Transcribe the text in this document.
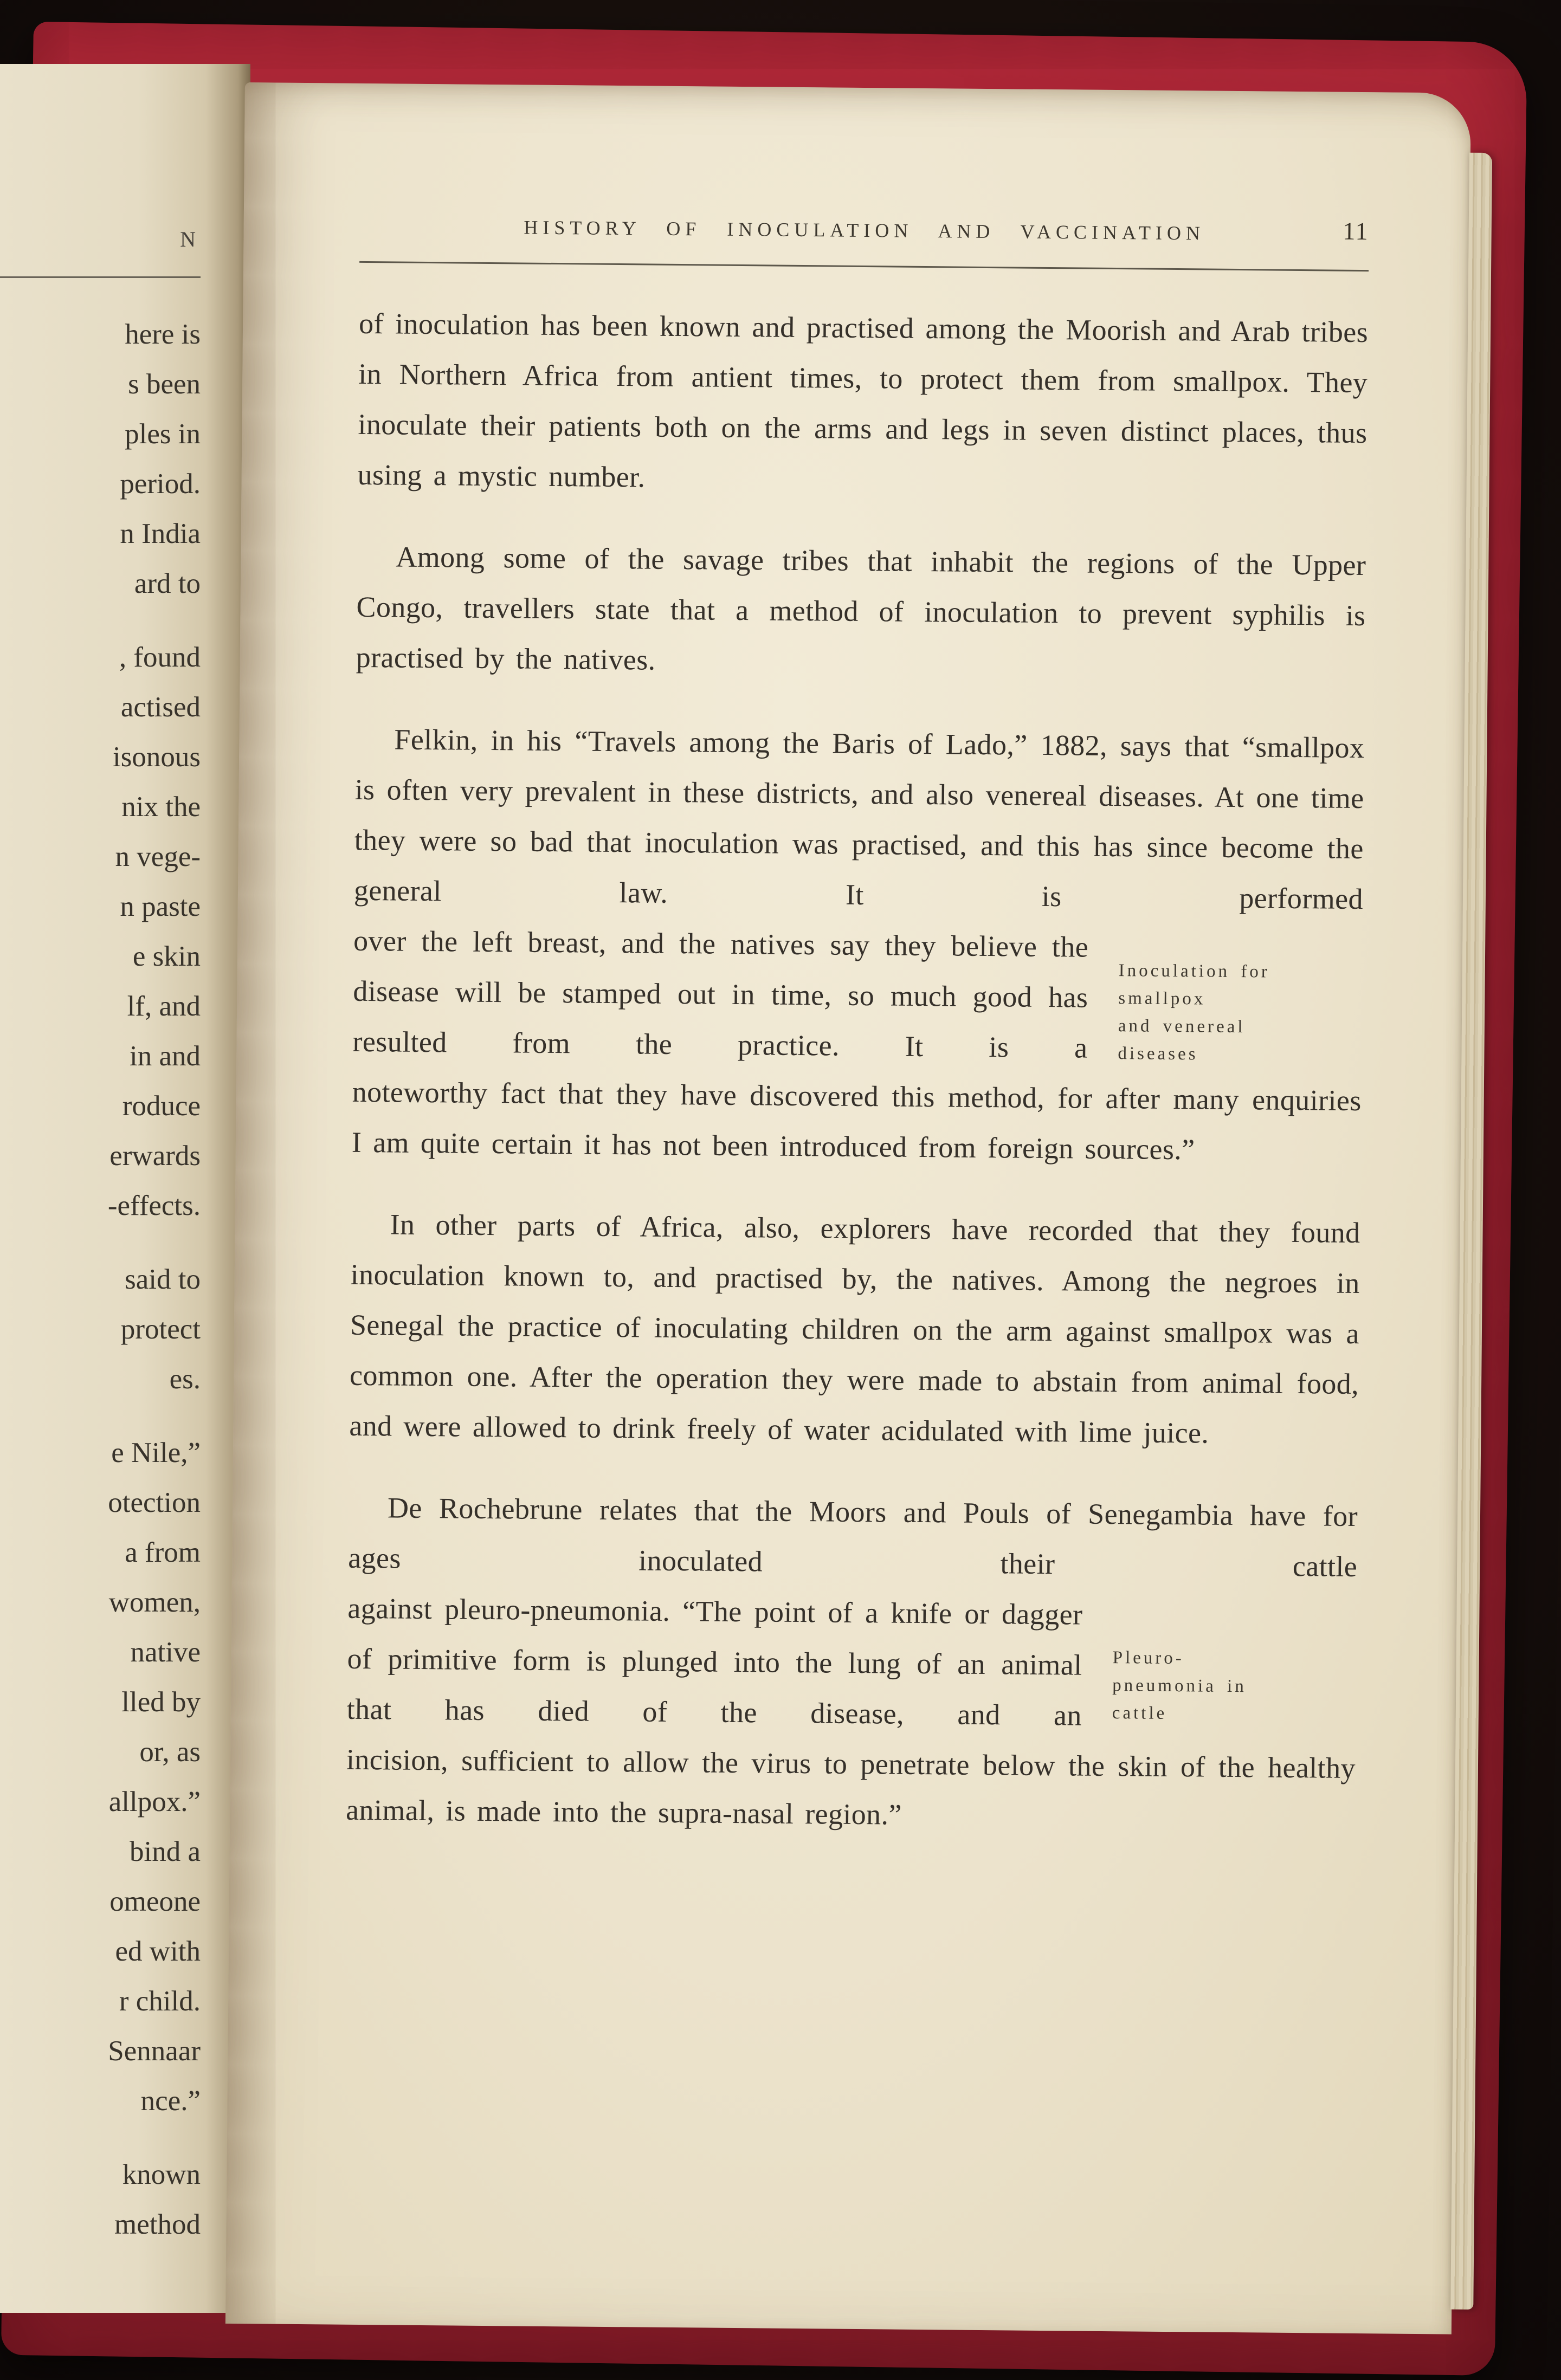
N
here is
s been
ples in
period.
n India
ard to
, found
actised
isonous
nix the
n vege-
n paste
e skin
lf, and
in and
roduce
erwards
-effects.
said to
protect
es.
e Nile,”
otection
a from
women,
native
lled by
or, as
allpox.”
bind a
omeone
ed with
r child.
Sennaar
nce.”
known
method
HISTORY OF INOCULATION AND VACCINATION	11
of inoculation has been known and practised among the Moorish and Arab tribes in Northern Africa from antient times, to protect them from smallpox. They inoculate their patients both on the arms and legs in seven distinct places, thus using a mystic number.
Among some of the savage tribes that inhabit the regions of the Upper Congo, travellers state that a method of inoculation to prevent syphilis is practised by the natives.
Felkin, in his “Travels among the Baris of Lado,” 1882, says that “smallpox is often very prevalent in these districts, and also venereal diseases. At one time they were so bad that inoculation was practised, and this has since become the general law. It is performed
over the left breast, and the natives say they believe the disease will be stamped out in time, so much good has resulted from the practice. It is a
Inoculation for
smallpox
and venereal
diseases
noteworthy fact that they have discovered this method, for after many enquiries I am quite certain it has not been introduced from foreign sources.”
In other parts of Africa, also, explorers have recorded that they found inoculation known to, and practised by, the natives. Among the negroes in Senegal the practice of inoculating children on the arm against smallpox was a common one. After the operation they were made to abstain from animal food, and were allowed to drink freely of water acidulated with lime juice.
De Rochebrune relates that the Moors and Pouls of Senegambia have for ages inoculated their cattle
against pleuro-pneumonia. “The point of a knife or dagger of primitive form is plunged into the lung of an animal that has died of the disease, and an
Pleuro-
pneumonia in
cattle
incision, sufficient to allow the virus to penetrate below the skin of the healthy animal, is made into the supra‑nasal region.”
